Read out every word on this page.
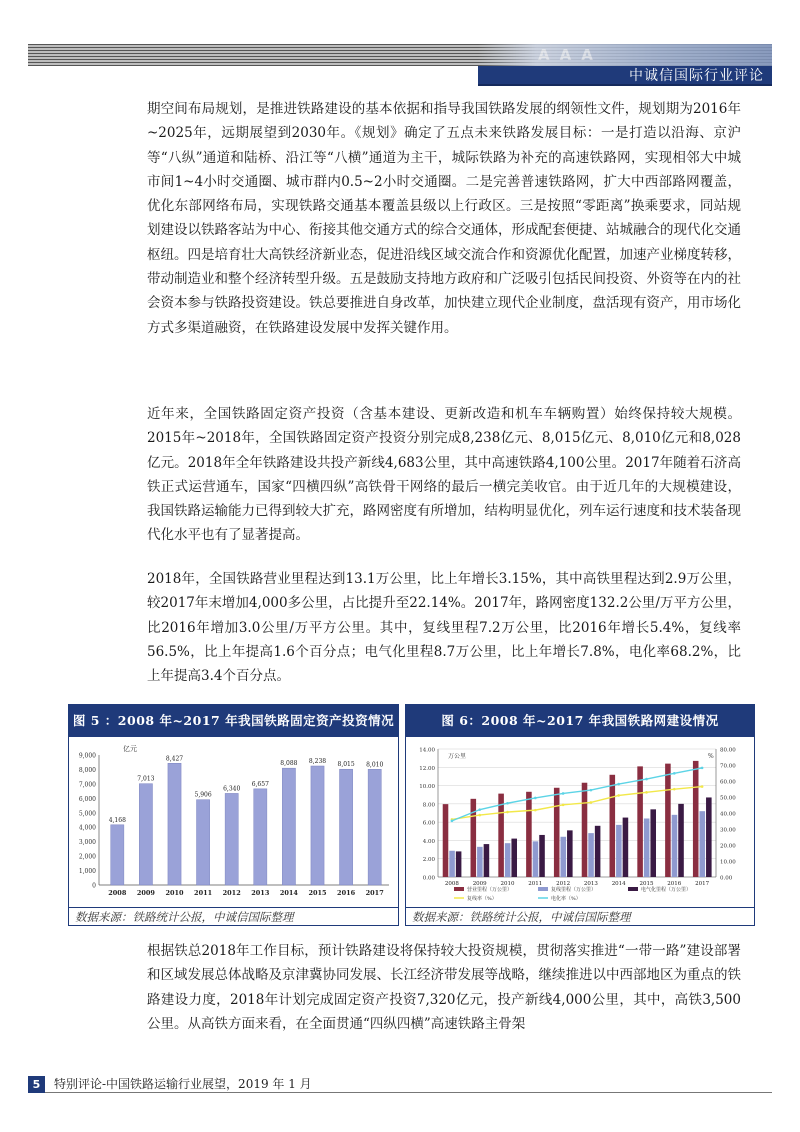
AAA
中诚信国际行业评论

期空间布局规划，是推进铁路建设的基本依据和指导我国铁路发展的纲领性文件，规划期为2016年~2025年，远期展望到2030年。《规划》确定了五点未来铁路发展目标：一是打造以沿海、京沪等“八纵”通道和陆桥、沿江等“八横”通道为主干，城际铁路为补充的高速铁路网，实现相邻大中城市间1~4小时交通圈、城市群内0.5~2小时交通圈。二是完善普速铁路网，扩大中西部路网覆盖，优化东部网络布局，实现铁路交通基本覆盖县级以上行政区。三是按照“零距离”换乘要求，同站规划建设以铁路客站为中心、衔接其他交通方式的综合交通体，形成配套便捷、站城融合的现代化交通枢纽。四是培育壮大高铁经济新业态，促进沿线区域交流合作和资源优化配置，加速产业梯度转移，带动制造业和整个经济转型升级。五是鼓励支持地方政府和广泛吸引包括民间投资、外资等在内的社会资本参与铁路投资建设。铁总要推进自身改革，加快建立现代企业制度，盘活现有资产，用市场化方式多渠道融资，在铁路建设发展中发挥关键作用。

近年来，全国铁路固定资产投资（含基本建设、更新改造和机车车辆购置）始终保持较大规模。2015年~2018年，全国铁路固定资产投资分别完成8,238亿元、8,015亿元、8,010亿元和8,028亿元。2018年全年铁路建设共投产新线4,683公里，其中高速铁路4,100公里。2017年随着石济高铁正式运营通车，国家“四横四纵”高铁骨干网络的最后一横完美收官。由于近几年的大规模建设，我国铁路运输能力已得到较大扩充，路网密度有所增加，结构明显优化，列车运行速度和技术装备现代化水平也有了显著提高。

2018年，全国铁路营业里程达到13.1万公里，比上年增长3.15%，其中高铁里程达到2.9万公里，较2017年末增加4,000多公里，占比提升至22.14%。2017年，路网密度132.2公里/万平方公里，比2016年增加3.0公里/万平方公里。其中，复线里程7.2万公里，比2016年增长5.4%，复线率56.5%，比上年提高1.6个百分点；电气化里程8.7万公里，比上年增长7.8%，电化率68.2%，比上年提高3.4个百分点。

根据铁总2018年工作目标，预计铁路建设将保持较大投资规模，贯彻落实推进“一带一路”建设部署和区域发展总体战略及京津冀协同发展、长江经济带发展等战略，继续推进以中西部地区为重点的铁路建设力度，2018年计划完成固定资产投资7,320亿元，投产新线4,000公里，其中，高铁3,500公里。从高铁方面来看，在全面贯通“四纵四横”高速铁路主骨架

图 5 ：2008 年~2017 年我国铁路固定资产投资情况
0
1,000
2,000
3,000
4,000
5,000
6,000
7,000
8,000
9,000
亿元
4,168
2008
7,013
2009
8,427
2010
5,906
2011
6,340
2012
6,657
2013
8,088
2014
8,238
2015
8,015
2016
8,010
2017
数据来源：铁路统计公报，中诚信国际整理
图 6：2008 年~2017 年我国铁路网建设情况
0.00
2.00
4.00
6.00
8.00
10.00
12.00
14.00
0.00
10.00
20.00
30.00
40.00
50.00
60.00
70.00
80.00
万公里	%
2008	2009	2010	2011	2012	2013	2014	2015	2016	2017
营业里程（万公里）	复线里程（万公里）	电气化里程（万公里）
复线率（%）	电化率（%）
数据来源：铁路统计公报，中诚信国际整理
5	特别评论-中国铁路运输行业展望，2019 年 1 月
